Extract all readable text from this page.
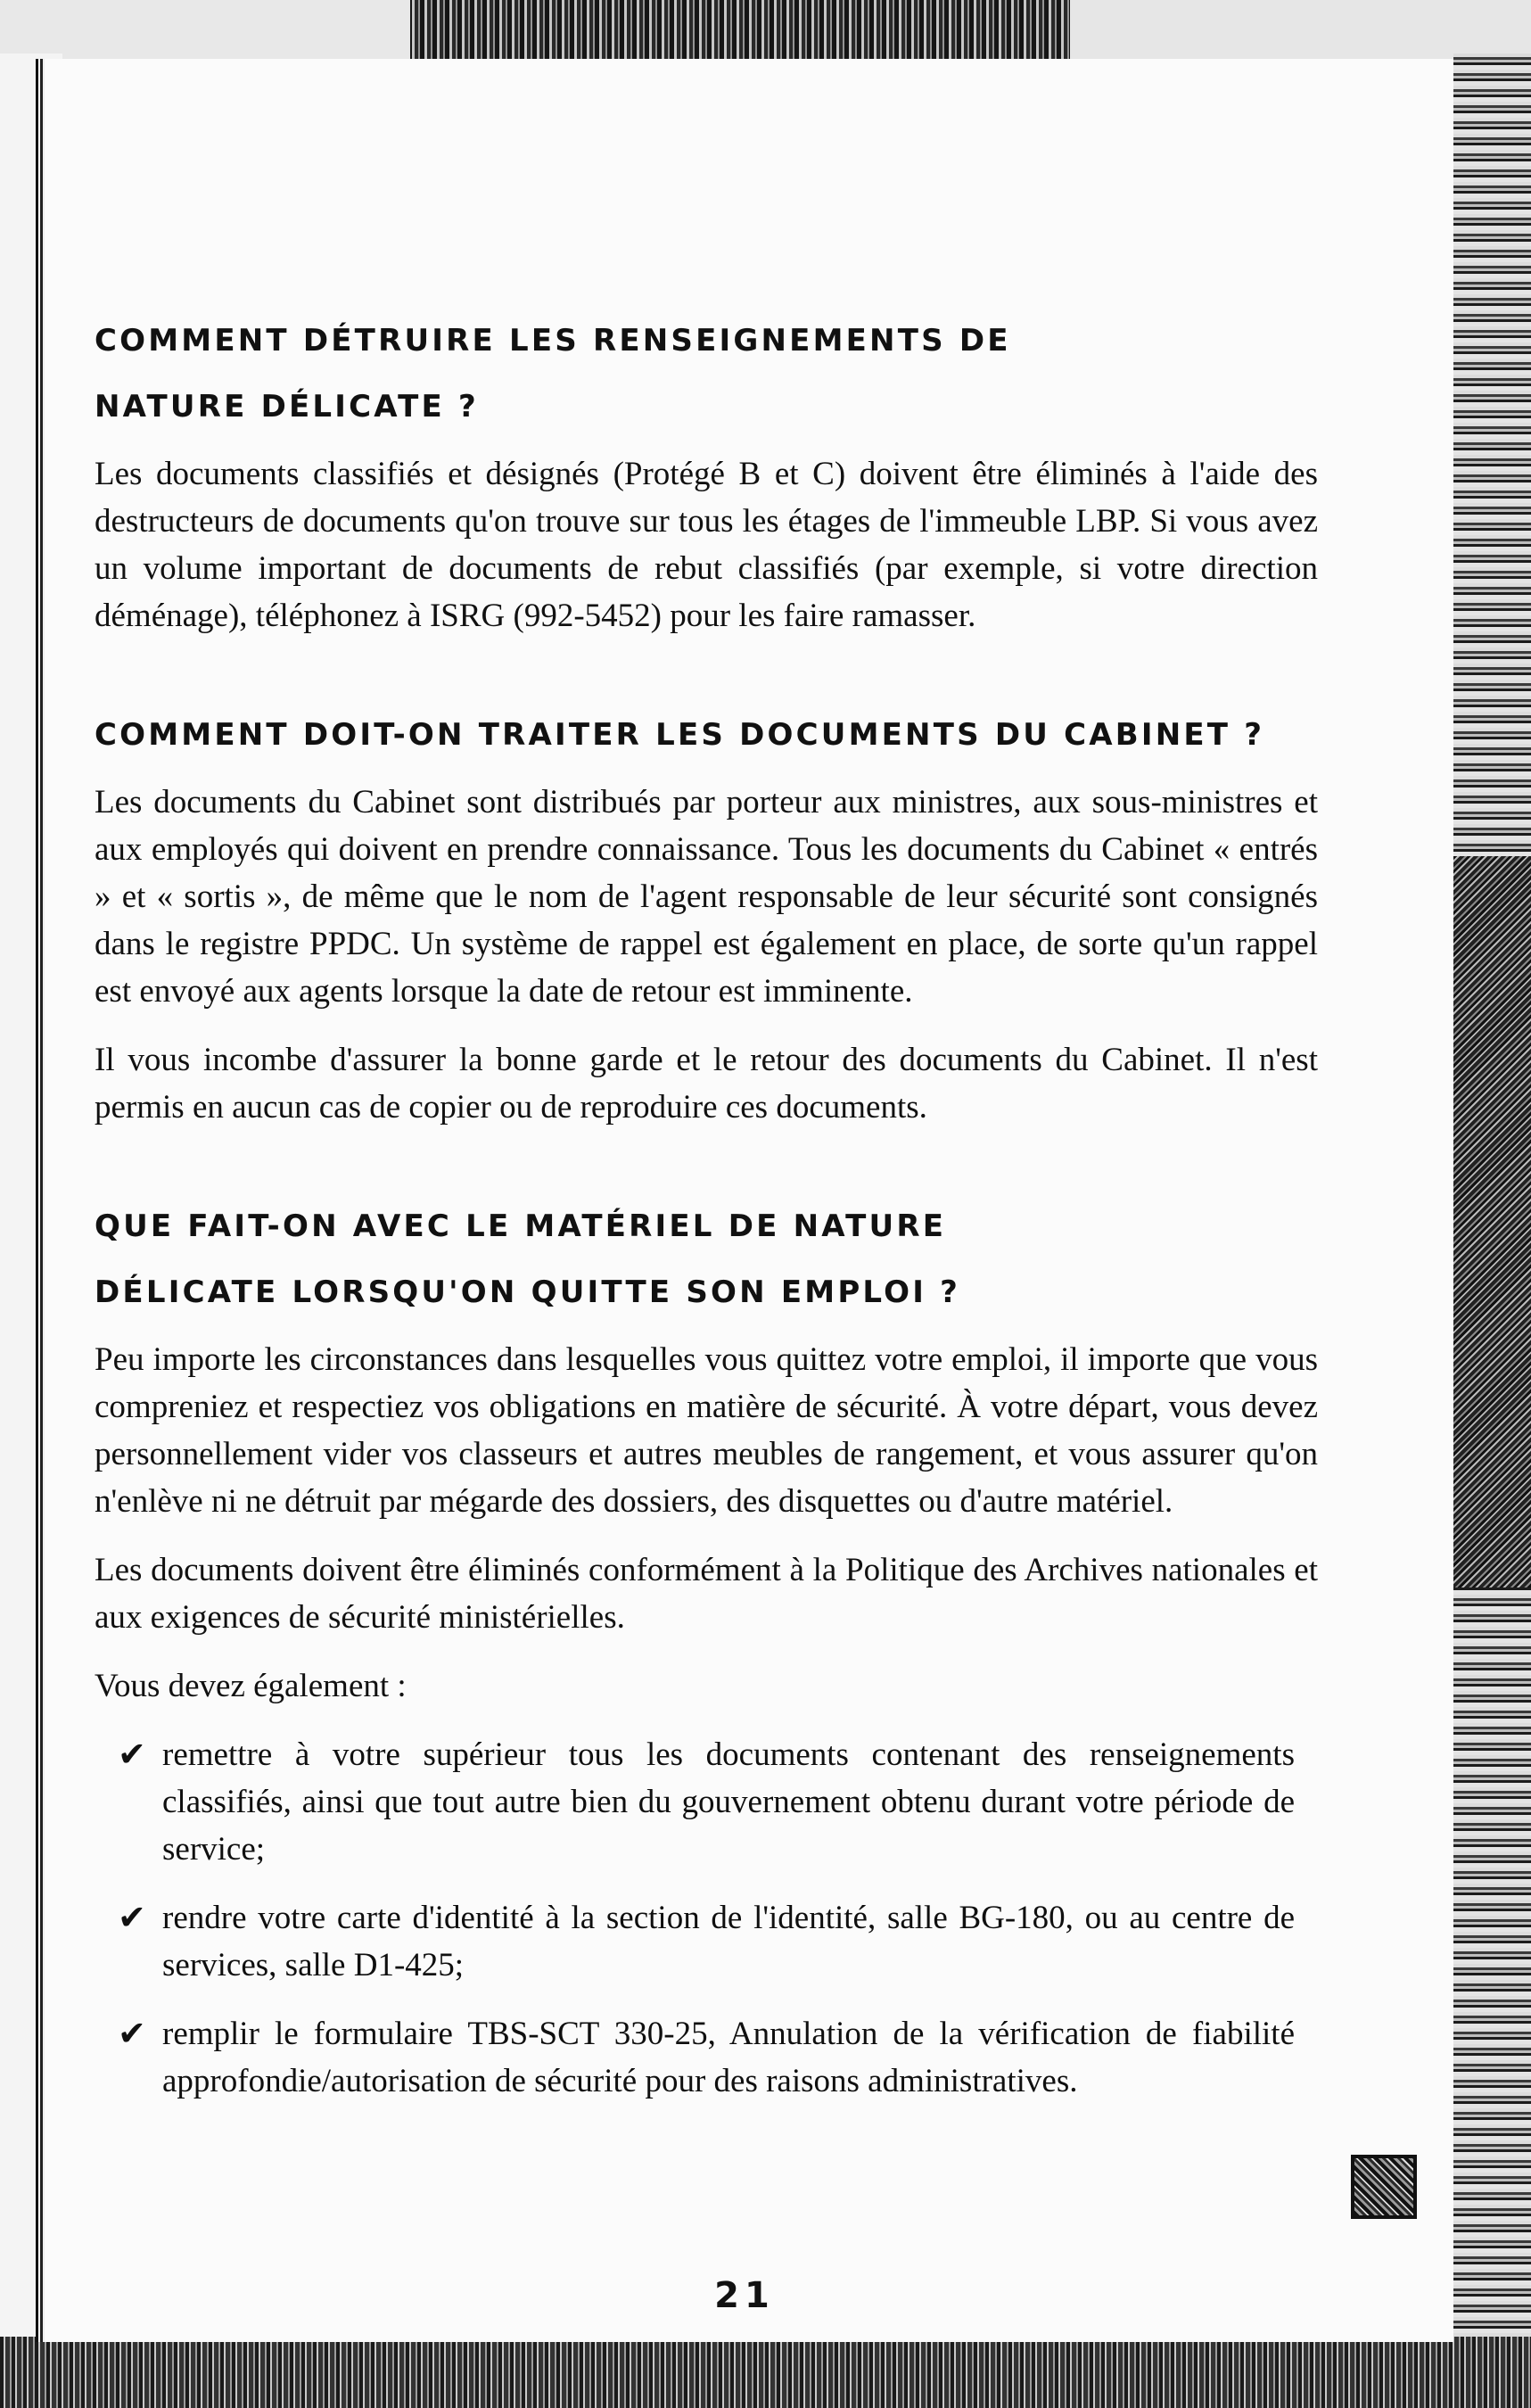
21
COMMENT DÉTRUIRE LES RENSEIGNEMENTS DE
NATURE DÉLICATE ?

Les documents classifiés et désignés (Protégé B et C) doivent être éliminés à l'aide des destructeurs de documents qu'on trouve sur tous les étages de l'immeuble LBP. Si vous avez un volume important de documents de rebut classifiés (par exemple, si votre direction déménage), téléphonez à ISRG (992-5452) pour les faire ramasser.

COMMENT DOIT-ON TRAITER LES DOCUMENTS DU CABINET ?

Les documents du Cabinet sont distribués par porteur aux ministres, aux sous-ministres et aux employés qui doivent en prendre connaissance. Tous les documents du Cabinet « entrés » et « sortis », de même que le nom de l'agent responsable de leur sécurité sont consignés dans le registre PPDC. Un système de rappel est également en place, de sorte qu'un rappel est envoyé aux agents lorsque la date de retour est imminente.

Il vous incombe d'assurer la bonne garde et le retour des documents du Cabinet. Il n'est permis en aucun cas de copier ou de reproduire ces documents.

QUE FAIT-ON AVEC LE MATÉRIEL DE NATURE
DÉLICATE LORSQU'ON QUITTE SON EMPLOI ?

Peu importe les circonstances dans lesquelles vous quittez votre emploi, il importe que vous compreniez et respectiez vos obligations en matière de sécurité. À votre départ, vous devez personnellement vider vos classeurs et autres meubles de rangement, et vous assurer qu'on n'enlève ni ne détruit par mégarde des dossiers, des disquettes ou d'autre matériel.

Les documents doivent être éliminés conformément à la Politique des Archives nationales et aux exigences de sécurité ministérielles.

Vous devez également :

✔ remettre à votre supérieur tous les documents contenant des renseignements classifiés, ainsi que tout autre bien du gouvernement obtenu durant votre période de service;
✔ rendre votre carte d'identité à la section de l'identité, salle BG-180, ou au centre de services, salle D1-425;
✔ remplir le formulaire TBS-SCT 330-25, Annulation de la vérification de fiabilité approfondie/autorisation de sécurité pour des raisons administratives.
